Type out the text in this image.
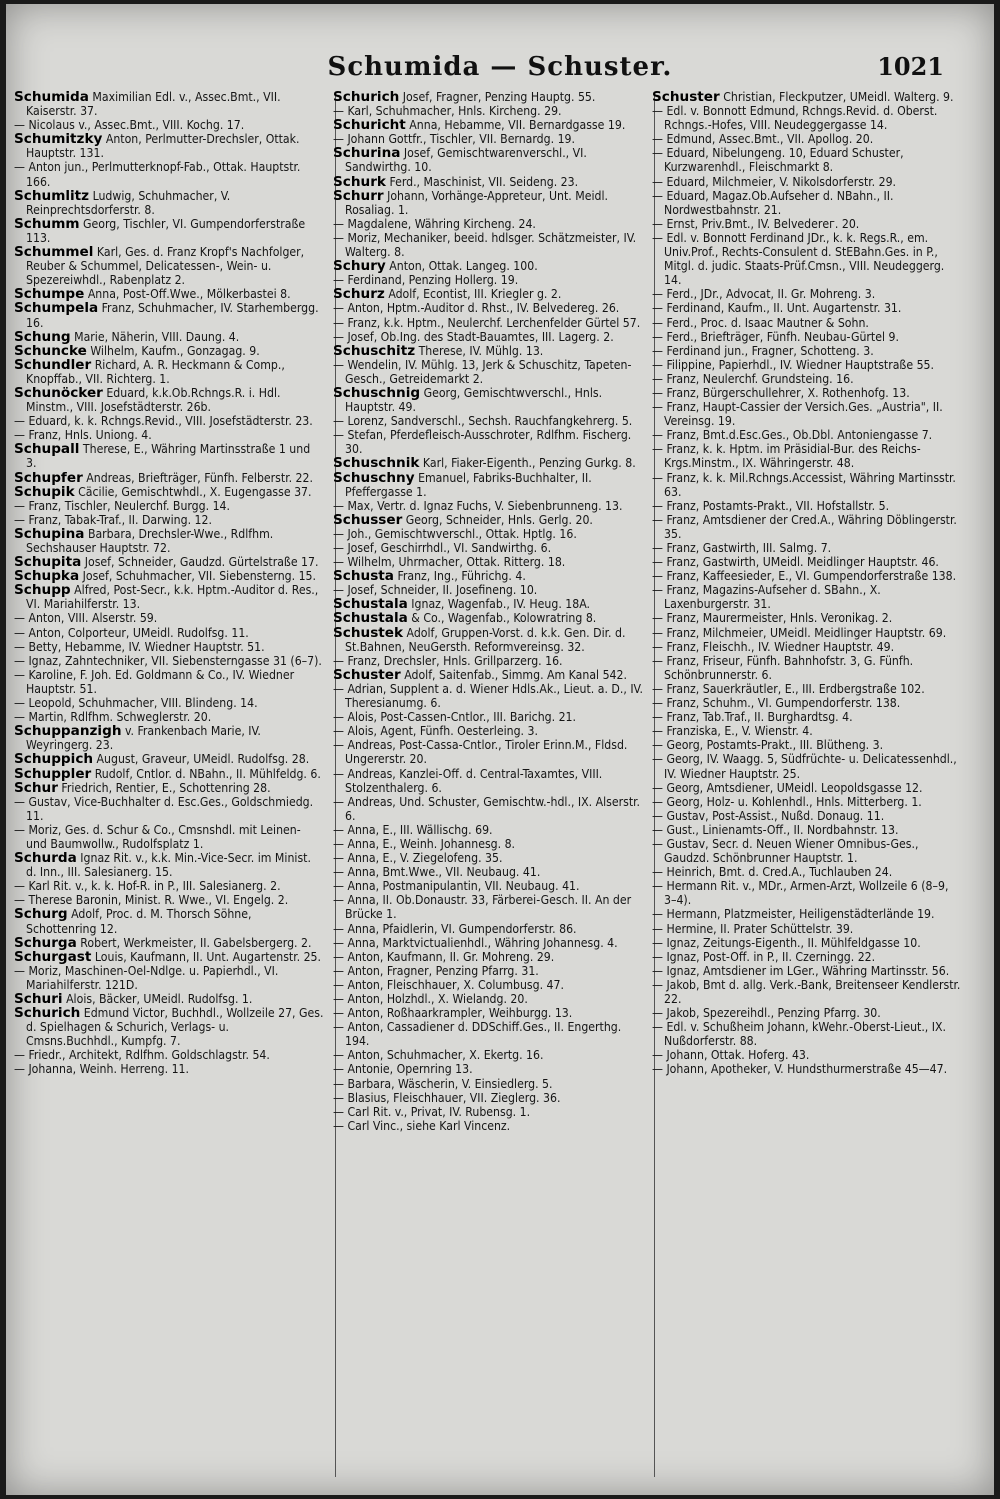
Schumida — Schuster.	1021

Schumida Maximilian Edl. v., Assec.Bmt., VII. Kaiserstr. 37.

— Nicolaus v., Assec.Bmt., VIII. Kochg. 17.

Schumitzky Anton, Perlmutter-Drechsler, Ottak. Hauptstr. 131.

— Anton jun., Perlmutterknopf-Fab., Ottak. Hauptstr. 166.

Schumlitz Ludwig, Schuhmacher, V. Reinprechtsdorferstr. 8.

Schumm Georg, Tischler, VI. Gumpendorferstraße 113.

Schummel Karl, Ges. d. Franz Kropf's Nachfolger, Reuber & Schummel, Delicatessen-, Wein- u. Spezereiwhdl., Rabenplatz 2.

Schumpe Anna, Post-Off.Wwe., Mölkerbastei 8.

Schumpela Franz, Schuhmacher, IV. Starhembergg. 16.

Schung Marie, Näherin, VIII. Daung. 4.

Schuncke Wilhelm, Kaufm., Gonzagag. 9.

Schundler Richard, A. R. Heckmann & Comp., Knopffab., VII. Richterg. 1.

Schunöcker Eduard, k.k.Ob.Rchngs.R. i. Hdl. Minstm., VIII. Josefstädterstr. 26b.

— Eduard, k. k. Rchngs.Revid., VIII. Josefstädterstr. 23.

— Franz, Hnls. Uniong. 4.

Schupall Therese, E., Währing Martinsstraße 1 und 3.

Schupfer Andreas, Briefträger, Fünfh. Felberstr. 22.

Schupik Cäcilie, Gemischtwhdl., X. Eugengasse 37.

— Franz, Tischler, Neulerchf. Burgg. 14.

— Franz, Tabak-Traf., II. Darwing. 12.

Schupina Barbara, Drechsler-Wwe., Rdlfhm. Sechshauser Hauptstr. 72.

Schupita Josef, Schneider, Gaudzd. Gürtelstraße 17.

Schupka Josef, Schuhmacher, VII. Siebensterng. 15.

Schupp Alfred, Post-Secr., k.k. Hptm.-Auditor d. Res., VI. Mariahilferstr. 13.

— Anton, VIII. Alserstr. 59.

— Anton, Colporteur, UMeidl. Rudolfsg. 11.

— Betty, Hebamme, IV. Wiedner Hauptstr. 51.

— Ignaz, Zahntechniker, VII. Siebensterngasse 31 (6–7).

— Karoline, F. Joh. Ed. Goldmann & Co., IV. Wiedner Hauptstr. 51.

— Leopold, Schuhmacher, VIII. Blindeng. 14.

— Martin, Rdlfhm. Schweglerstr. 20.

Schuppanzigh v. Frankenbach Marie, IV. Weyringerg. 23.

Schuppich August, Graveur, UMeidl. Rudolfsg. 28.

Schuppler Rudolf, Cntlor. d. NBahn., II. Mühlfeldg. 6.

Schur Friedrich, Rentier, E., Schottenring 28.

— Gustav, Vice-Buchhalter d. Esc.Ges., Goldschmiedg. 11.

— Moriz, Ges. d. Schur & Co., Cmsnshdl. mit Leinen- und Baumwollw., Rudolfsplatz 1.

Schurda Ignaz Rit. v., k.k. Min.-Vice-Secr. im Minist. d. Inn., III. Salesianerg. 15.

— Karl Rit. v., k. k. Hof-R. in P., III. Salesianerg. 2.

— Therese Baronin, Minist. R. Wwe., VI. Engelg. 2.

Schurg Adolf, Proc. d. M. Thorsch Söhne, Schottenring 12.

Schurga Robert, Werkmeister, II. Gabelsbergerg. 2.

Schurgast Louis, Kaufmann, II. Unt. Augartenstr. 25.

— Moriz, Maschinen-Oel-Ndlge. u. Papierhdl., VI. Mariahilferstr. 121D.

Schuri Alois, Bäcker, UMeidl. Rudolfsg. 1.

Schurich Edmund Victor, Buchhdl., Wollzeile 27, Ges. d. Spielhagen & Schurich, Verlags- u. Cmsns.Buchhdl., Kumpfg. 7.

— Friedr., Architekt, Rdlfhm. Goldschlagstr. 54.

— Johanna, Weinh. Herreng. 11.

Schurich Josef, Fragner, Penzing Hauptg. 55.

— Karl, Schuhmacher, Hnls. Kircheng. 29.

Schuricht Anna, Hebamme, VII. Bernardgasse 19.

— Johann Gottfr., Tischler, VII. Bernardg. 19.

Schurina Josef, Gemischtwarenverschl., VI. Sandwirthg. 10.

Schurk Ferd., Maschinist, VII. Seideng. 23.

Schurr Johann, Vorhänge-Appreteur, Unt. Meidl. Rosaliag. 1.

— Magdalene, Währing Kircheng. 24.

— Moriz, Mechaniker, beeid. hdlsger. Schätzmeister, IV. Walterg. 8.

Schury Anton, Ottak. Langeg. 100.

— Ferdinand, Penzing Hollerg. 19.

Schurz Adolf, Econtist, III. Kriegler g. 2.

— Anton, Hptm.-Auditor d. Rhst., IV. Belvedereg. 26.

— Franz, k.k. Hptm., Neulerchf. Lerchenfelder Gürtel 57.

— Josef, Ob.Ing. des Stadt-Bauamtes, III. Lagerg. 2.

Schuschitz Therese, IV. Mühlg. 13.

— Wendelin, IV. Mühlg. 13, Jerk & Schuschitz, Tapeten-Gesch., Getreidemarkt 2.

Schuschnig Georg, Gemischtwverschl., Hnls. Hauptstr. 49.

— Lorenz, Sandverschl., Sechsh. Rauchfangkehrerg. 5.

— Stefan, Pferdefleisch-Ausschroter, Rdlfhm. Fischerg. 30.

Schuschnik Karl, Fiaker-Eigenth., Penzing Gurkg. 8.

Schuschny Emanuel, Fabriks-Buchhalter, II. Pfeffergasse 1.

— Max, Vertr. d. Ignaz Fuchs, V. Siebenbrunneng. 13.

Schusser Georg, Schneider, Hnls. Gerlg. 20.

— Joh., Gemischtwverschl., Ottak. Hptlg. 16.

— Josef, Geschirrhdl., VI. Sandwirthg. 6.

— Wilhelm, Uhrmacher, Ottak. Ritterg. 18.

Schusta Franz, Ing., Führichg. 4.

— Josef, Schneider, II. Josefineng. 10.

Schustala Ignaz, Wagenfab., IV. Heug. 18A.

Schustala & Co., Wagenfab., Kolowratring 8.

Schustek Adolf, Gruppen-Vorst. d. k.k. Gen. Dir. d. St.Bahnen, NeuGersth. Reformvereinsg. 32.

— Franz, Drechsler, Hnls. Grillparzerg. 16.

Schuster Adolf, Saitenfab., Simmg. Am Kanal 542.

— Adrian, Supplent a. d. Wiener Hdls.Ak., Lieut. a. D., IV. Theresianumg. 6.

— Alois, Post-Cassen-Cntlor., III. Barichg. 21.

— Alois, Agent, Fünfh. Oesterleing. 3.

— Andreas, Post-Cassa-Cntlor., Tiroler Erinn.M., Fldsd. Ungererstr. 20.

— Andreas, Kanzlei-Off. d. Central-Taxamtes, VIII. Stolzenthalerg. 6.

— Andreas, Und. Schuster, Gemischtw.-hdl., IX. Alserstr. 6.

— Anna, E., III. Wällischg. 69.

— Anna, E., Weinh. Johannesg. 8.

— Anna, E., V. Ziegelofeng. 35.

— Anna, Bmt.Wwe., VII. Neubaug. 41.

— Anna, Postmanipulantin, VII. Neubaug. 41.

— Anna, II. Ob.Donaustr. 33, Färberei-Gesch. II. An der Brücke 1.

— Anna, Pfaidlerin, VI. Gumpendorferstr. 86.

— Anna, Marktvictualienhdl., Währing Johannesg. 4.

— Anton, Kaufmann, II. Gr. Mohreng. 29.

— Anton, Fragner, Penzing Pfarrg. 31.

— Anton, Fleischhauer, X. Columbusg. 47.

— Anton, Holzhdl., X. Wielandg. 20.

— Anton, Roßhaarkrampler, Weihburgg. 13.

— Anton, Cassadiener d. DDSchiff.Ges., II. Engerthg. 194.

— Anton, Schuhmacher, X. Ekertg. 16.

— Antonie, Opernring 13.

— Barbara, Wäscherin, V. Einsiedlerg. 5.

— Blasius, Fleischhauer, VII. Zieglerg. 36.

— Carl Rit. v., Privat, IV. Rubensg. 1.

— Carl Vinc., siehe Karl Vincenz.

Schuster Christian, Fleckputzer, UMeidl. Walterg. 9.

— Edl. v. Bonnott Edmund, Rchngs.Revid. d. Oberst. Rchngs.-Hofes, VIII. Neudeggergasse 14.

— Edmund, Assec.Bmt., VII. Apollog. 20.

— Eduard, Nibelungeng. 10, Eduard Schuster, Kurzwarenhdl., Fleischmarkt 8.

— Eduard, Milchmeier, V. Nikolsdorferstr. 29.

— Eduard, Magaz.Ob.Aufseher d. NBahn., II. Nordwestbahnstr. 21.

— Ernst, Priv.Bmt., IV. Belvederег. 20.

— Edl. v. Bonnott Ferdinand JDr., k. k. Regs.R., em. Univ.Prof., Rechts-Consulent d. StEBahn.Ges. in P., Mitgl. d. judic. Staats-Prüf.Cmsn., VIII. Neudeggerg. 14.

— Ferd., JDr., Advocat, II. Gr. Mohreng. 3.

— Ferdinand, Kaufm., II. Unt. Augartenstr. 31.

— Ferd., Proc. d. Isaac Mautner & Sohn.

— Ferd., Briefträger, Fünfh. Neubau-Gürtel 9.

— Ferdinand jun., Fragner, Schotteng. 3.

— Filippine, Papierhdl., IV. Wiedner Hauptstraße 55.

— Franz, Neulerchf. Grundsteing. 16.

— Franz, Bürgerschullehrer, X. Rothenhofg. 13.

— Franz, Haupt-Cassier der Versich.Ges. „Austria", II. Vereinsg. 19.

— Franz, Bmt.d.Esc.Ges., Ob.Dbl. Antoniengasse 7.

— Franz, k. k. Hptm. im Präsidial-Bur. des Reichs-Krgs.Minstm., IX. Währingerstr. 48.

— Franz, k. k. Mil.Rchngs.Accessist, Währing Martinsstr. 63.

— Franz, Postamts-Prakt., VII. Hofstallstr. 5.

— Franz, Amtsdiener der Cred.A., Währing Döblingerstr. 35.

— Franz, Gastwirth, III. Salmg. 7.

— Franz, Gastwirth, UMeidl. Meidlinger Hauptstr. 46.

— Franz, Kaffeesieder, E., VI. Gumpendorferstraße 138.

— Franz, Magazins-Aufseher d. SBahn., X. Laxenburgerstr. 31.

— Franz, Maurermeister, Hnls. Veronikag. 2.

— Franz, Milchmeier, UMeidl. Meidlinger Hauptstr. 69.

— Franz, Fleischh., IV. Wiedner Hauptstr. 49.

— Franz, Friseur, Fünfh. Bahnhofstr. 3, G. Fünfh. Schönbrunnerstr. 6.

— Franz, Sauerkräutler, E., III. Erdbergstraße 102.

— Franz, Schuhm., VI. Gumpendorferstr. 138.

— Franz, Tab.Traf., II. Burghardtsg. 4.

— Franziska, E., V. Wienstr. 4.

— Georg, Postamts-Prakt., III. Blütheng. 3.

— Georg, IV. Waagg. 5, Südfrüchte- u. Delicatessenhdl., IV. Wiedner Hauptstr. 25.

— Georg, Amtsdiener, UMeidl. Leopoldsgasse 12.

— Georg, Holz- u. Kohlenhdl., Hnls. Mitterberg. 1.

— Gustav, Post-Assist., Nußd. Donaug. 11.

— Gust., Linienamts-Off., II. Nordbahnstr. 13.

— Gustav, Secr. d. Neuen Wiener Omnibus-Ges., Gaudzd. Schönbrunner Hauptstr. 1.

— Heinrich, Bmt. d. Cred.A., Tuchlauben 24.

— Hermann Rit. v., MDr., Armen-Arzt, Wollzeile 6 (8–9, 3–4).

— Hermann, Platzmeister, Heiligenstädterlände 19.

— Hermine, II. Prater Schüttelstr. 39.

— Ignaz, Zeitungs-Eigenth., II. Mühlfeldgasse 10.

— Ignaz, Post-Off. in P., II. Czerningg. 22.

— Ignaz, Amtsdiener im LGer., Währing Martinsstr. 56.

— Jakob, Bmt d. allg. Verk.-Bank, Breitenseer Kendlerstr. 22.

— Jakob, Spezereihdl., Penzing Pfarrg. 30.

— Edl. v. Schußheim Johann, kWehr.-Oberst-Lieut., IX. Nußdorferstr. 88.

— Johann, Ottak. Hoferg. 43.

— Johann, Apotheker, V. Hundsthurmerstraße 45—47.
